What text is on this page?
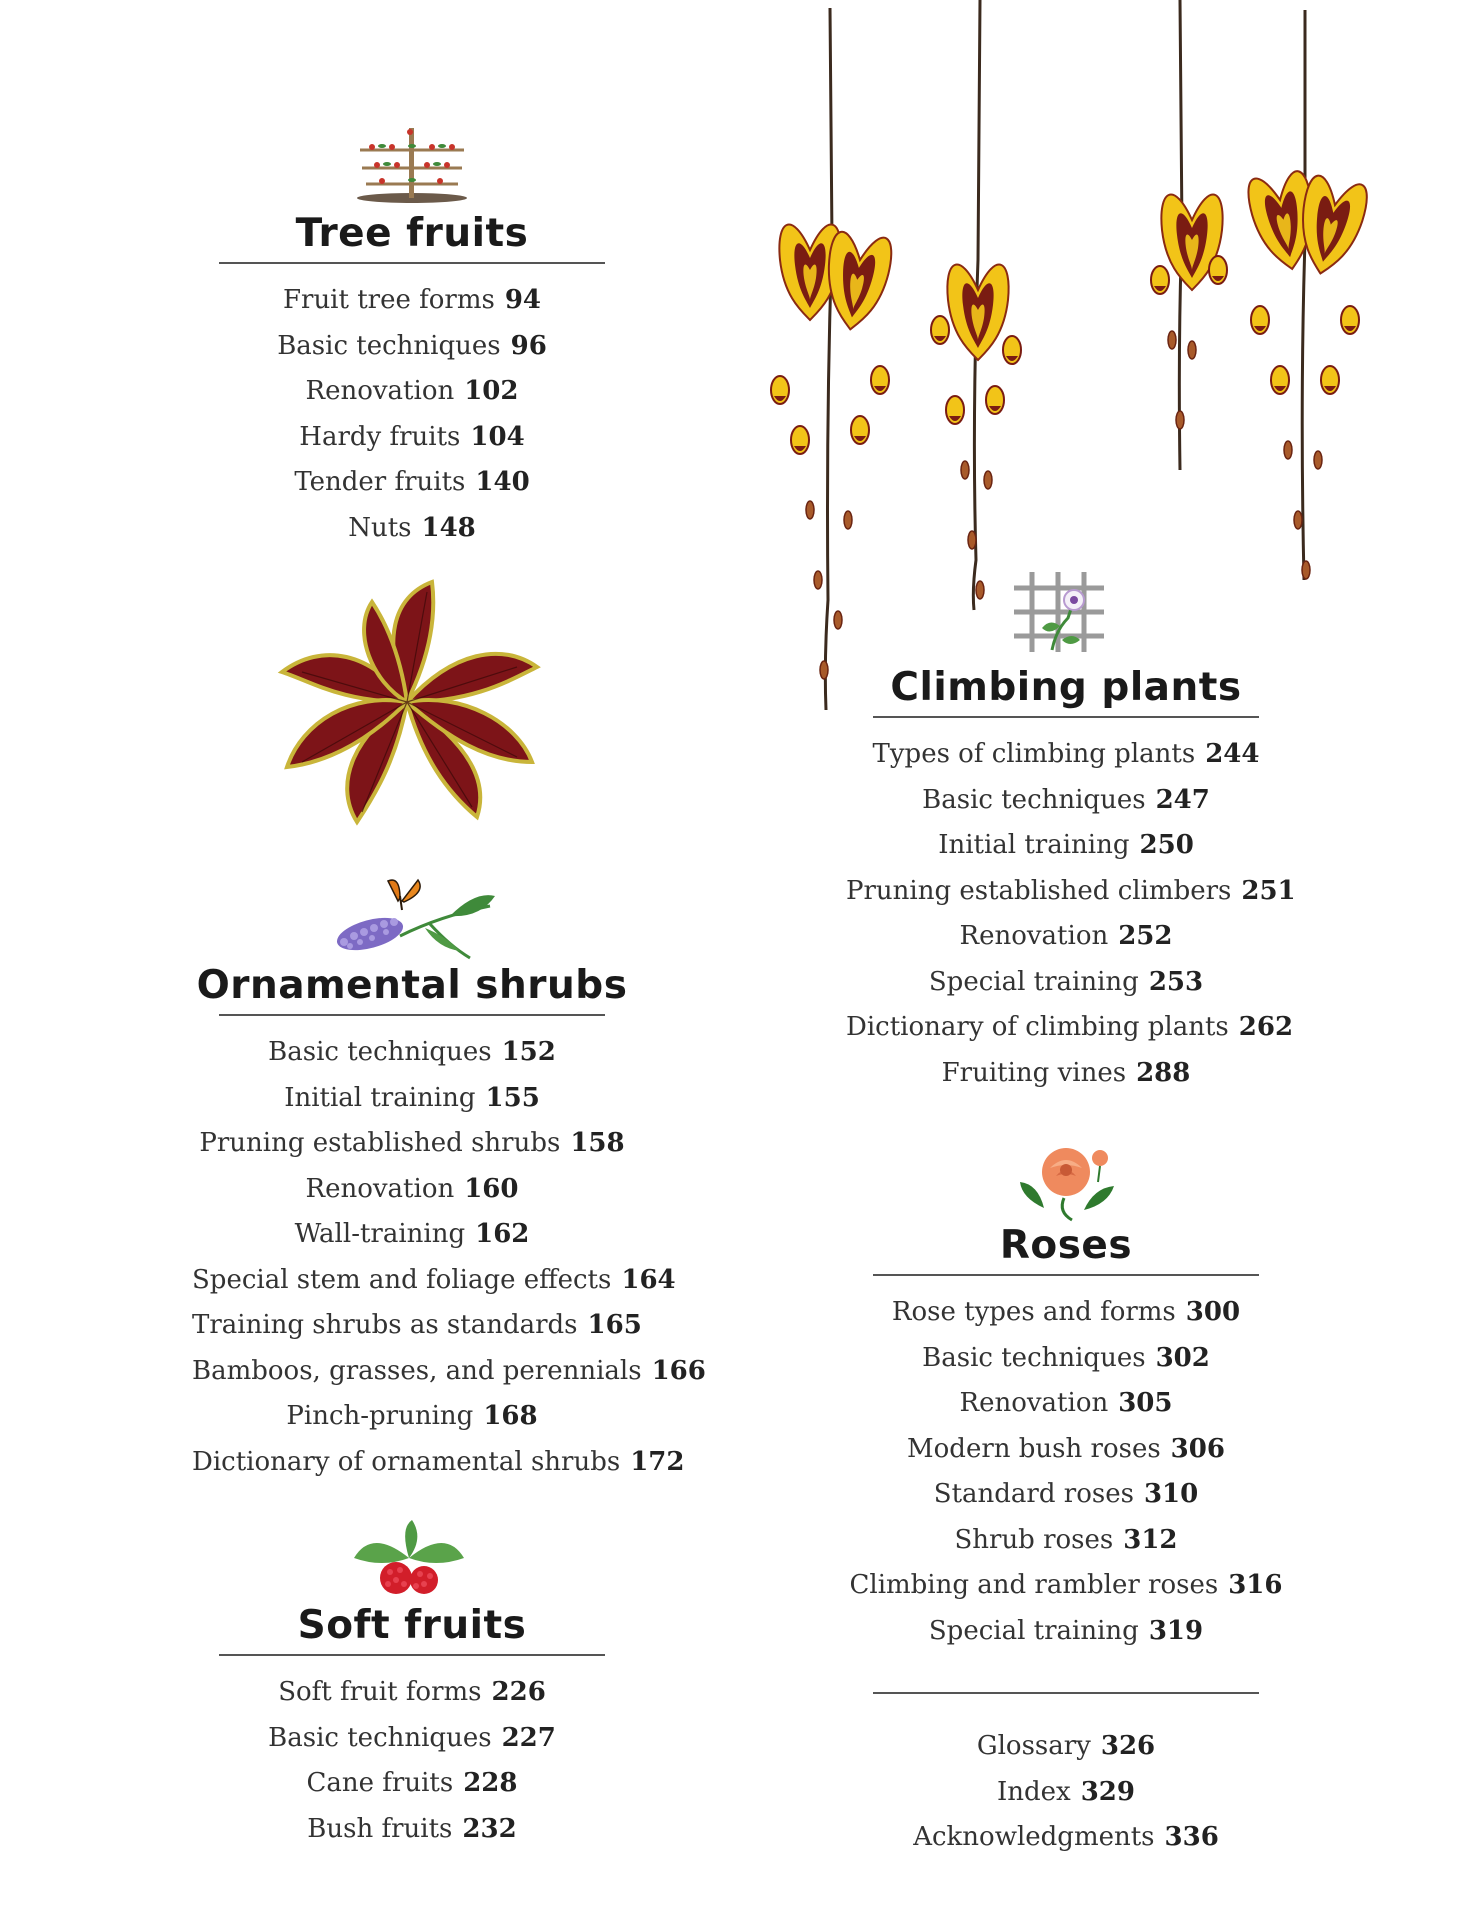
Tree fruits
Fruit tree forms 94
Basic techniques 96
Renovation 102
Hardy fruits 104
Tender fruits 140
Nuts 148
Ornamental shrubs
Basic techniques 152
Initial training 155
Pruning established shrubs 158
Renovation 160
Wall-training 162
Special stem and foliage effects 164
Training shrubs as standards 165
Bamboos, grasses, and perennials 166
Pinch-pruning 168
Dictionary of ornamental shrubs 172
Soft fruits
Soft fruit forms 226
Basic techniques 227
Cane fruits 228
Bush fruits 232
Climbing plants
Types of climbing plants 244
Basic techniques 247
Initial training 250
Pruning established climbers 251
Renovation 252
Special training 253
Dictionary of climbing plants 262
Fruiting vines 288
Roses
Rose types and forms 300
Basic techniques 302
Renovation 305
Modern bush roses 306
Standard roses 310
Shrub roses 312
Climbing and rambler roses 316
Special training 319
Glossary 326
Index 329
Acknowledgments 336
